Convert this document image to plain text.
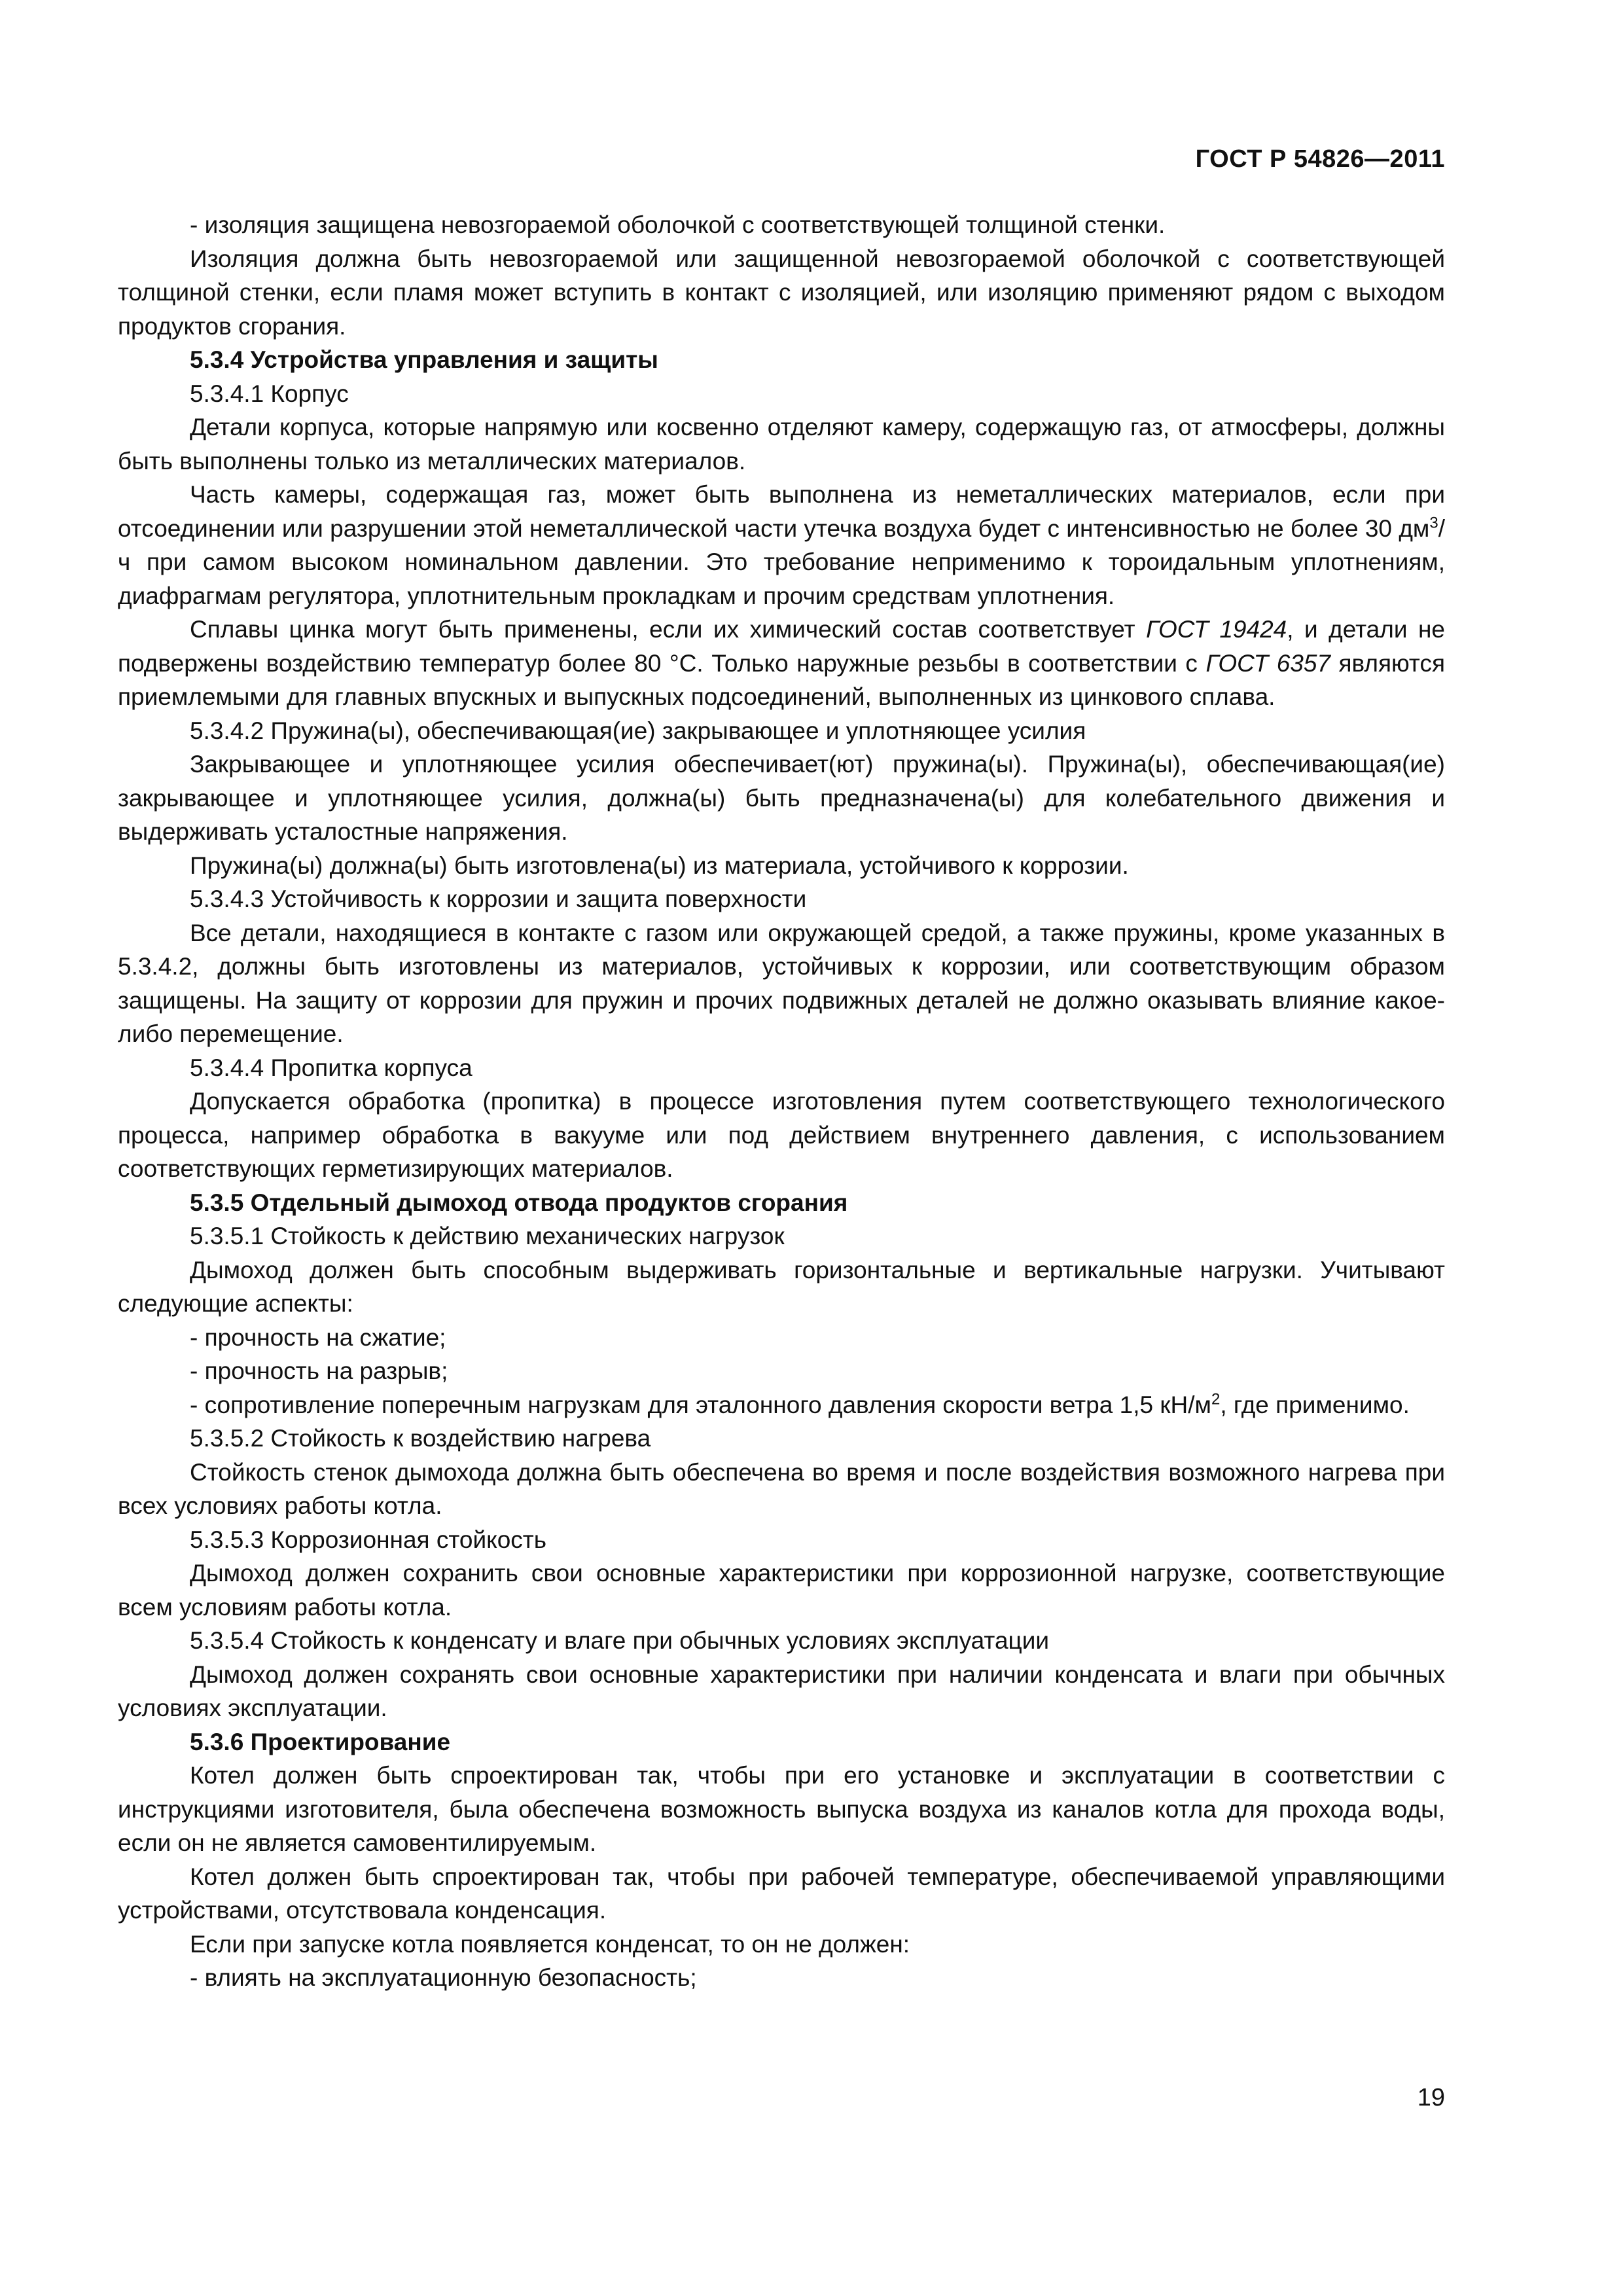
ГОСТ Р 54826—2011

- изоляция защищена невозгораемой оболочкой с соответствующей толщиной стенки.

Изоляция должна быть невозгораемой или защищенной невозгораемой оболочкой с соответствующей толщиной стенки, если пламя может вступить в контакт с изоляцией, или изоляцию применяют рядом с выходом продуктов сгорания.

5.3.4 Устройства управления и защиты

5.3.4.1 Корпус

Детали корпуса, которые напрямую или косвенно отделяют камеру, содержащую газ, от атмосферы, должны быть выполнены только из металлических материалов.

Часть камеры, содержащая газ, может быть выполнена из неметаллических материалов, если при отсоединении или разрушении этой неметаллической части утечка воздуха будет с интенсивностью не более 30 $дм^3/ч$ при самом высоком номинальном давлении. Это требование неприменимо к тороидальным уплотнениям, диафрагмам регулятора, уплотнительным прокладкам и прочим средствам уплотнения.

Сплавы цинка могут быть применены, если их химический состав соответствует ГОСТ 19424, и детали не подвержены воздействию температур более 80 °С. Только наружные резьбы в соответствии с ГОСТ 6357 являются приемлемыми для главных впускных и выпускных подсоединений, выполненных из цинкового сплава.

5.3.4.2 Пружина(ы), обеспечивающая(ие) закрывающее и уплотняющее усилия

Закрывающее и уплотняющее усилия обеспечивает(ют) пружина(ы). Пружина(ы), обеспечивающая(ие) закрывающее и уплотняющее усилия, должна(ы) быть предназначена(ы) для колебательного движения и выдерживать усталостные напряжения.

Пружина(ы) должна(ы) быть изготовлена(ы) из материала, устойчивого к коррозии.

5.3.4.3 Устойчивость к коррозии и защита поверхности

Все детали, находящиеся в контакте с газом или окружающей средой, а также пружины, кроме указанных в 5.3.4.2, должны быть изготовлены из материалов, устойчивых к коррозии, или соответствующим образом защищены. На защиту от коррозии для пружин и прочих подвижных деталей не должно оказывать влияние какое-либо перемещение.

5.3.4.4 Пропитка корпуса

Допускается обработка (пропитка) в процессе изготовления путем соответствующего технологического процесса, например обработка в вакууме или под действием внутреннего давления, с использованием соответствующих герметизирующих материалов.

5.3.5 Отдельный дымоход отвода продуктов сгорания

5.3.5.1 Стойкость к действию механических нагрузок

Дымоход должен быть способным выдерживать горизонтальные и вертикальные нагрузки. Учитывают следующие аспекты:

- прочность на сжатие;

- прочность на разрыв;

- сопротивление поперечным нагрузкам для эталонного давления скорости ветра 1,5 $кН/м^2$, где применимо.

5.3.5.2 Стойкость к воздействию нагрева

Стойкость стенок дымохода должна быть обеспечена во время и после воздействия возможного нагрева при всех условиях работы котла.

5.3.5.3 Коррозионная стойкость

Дымоход должен сохранить свои основные характеристики при коррозионной нагрузке, соответствующие всем условиям работы котла.

5.3.5.4 Стойкость к конденсату и влаге при обычных условиях эксплуатации

Дымоход должен сохранять свои основные характеристики при наличии конденсата и влаги при обычных условиях эксплуатации.

5.3.6 Проектирование

Котел должен быть спроектирован так, чтобы при его установке и эксплуатации в соответствии с инструкциями изготовителя, была обеспечена возможность выпуска воздуха из каналов котла для прохода воды, если он не является самовентилируемым.

Котел должен быть спроектирован так, чтобы при рабочей температуре, обеспечиваемой управляющими устройствами, отсутствовала конденсация.

Если при запуске котла появляется конденсат, то он не должен:

- влиять на эксплуатационную безопасность;

19
